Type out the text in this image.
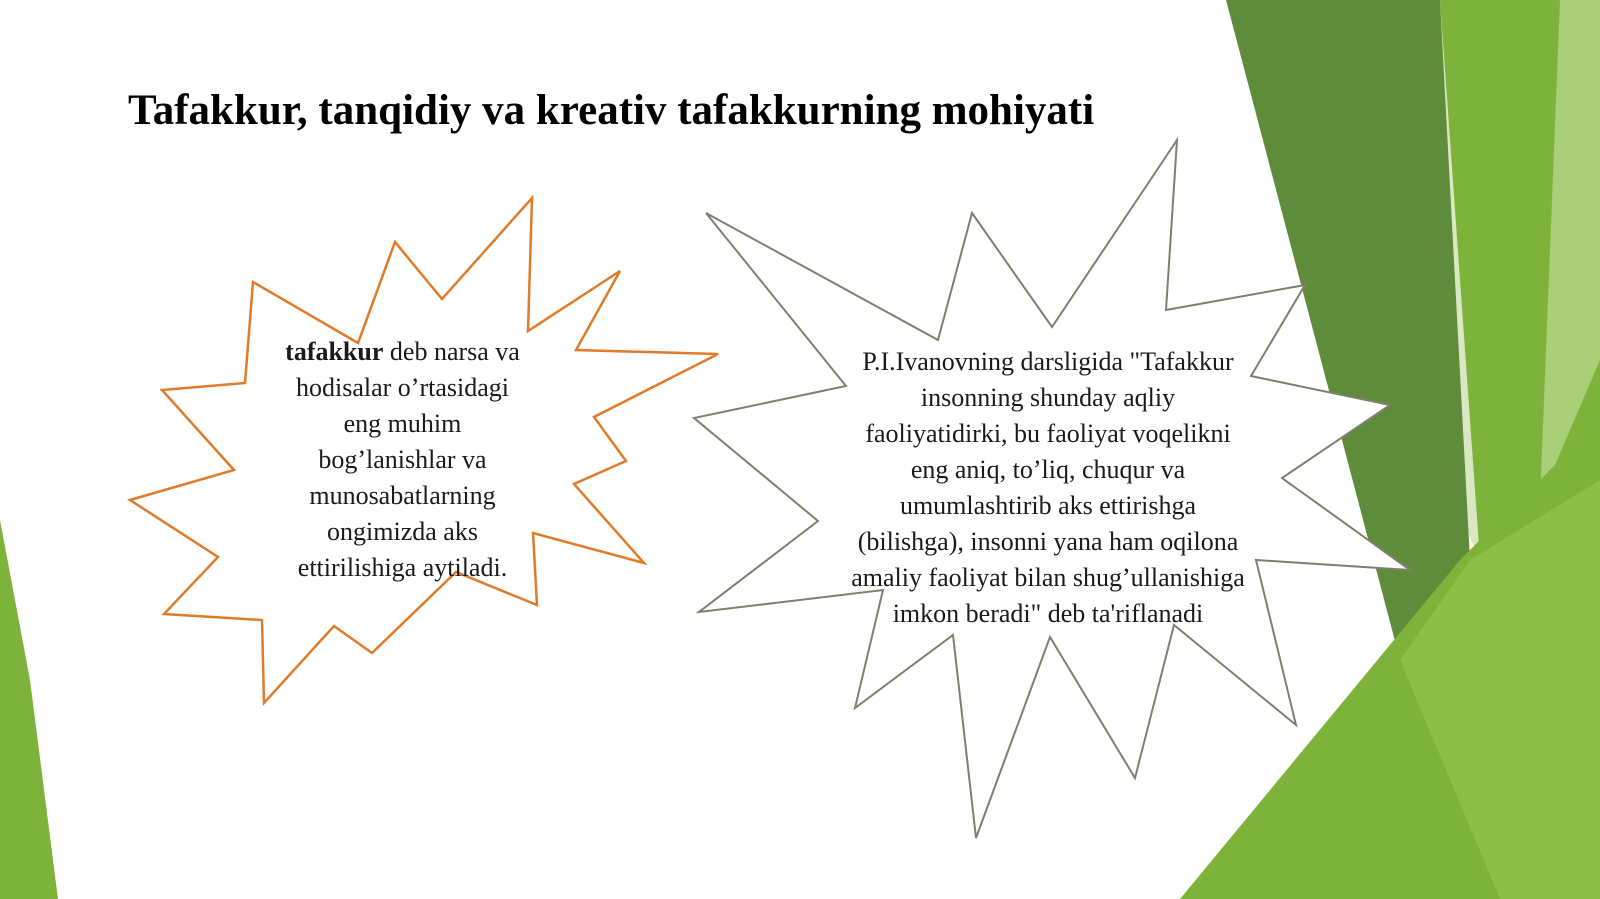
Tafakkur, tanqidiy va kreativ tafakkurning mohiyati
tafakkur deb narsa va hodisalar o’rtasidagi eng muhim bog’lanishlar va munosabatlarning ongimizda aks ettirilishiga aytiladi.
P.I.Ivanovning darsligida "Tafakkur insonning shunday aqliy faoliyatidirki, bu faoliyat voqelikni eng aniq, to’liq, chuqur va umumlashtirib aks ettirishga (bilishga), insonni yana ham oqilona amaliy faoliyat bilan shug’ullanishiga imkon beradi" deb ta'riflanadi
